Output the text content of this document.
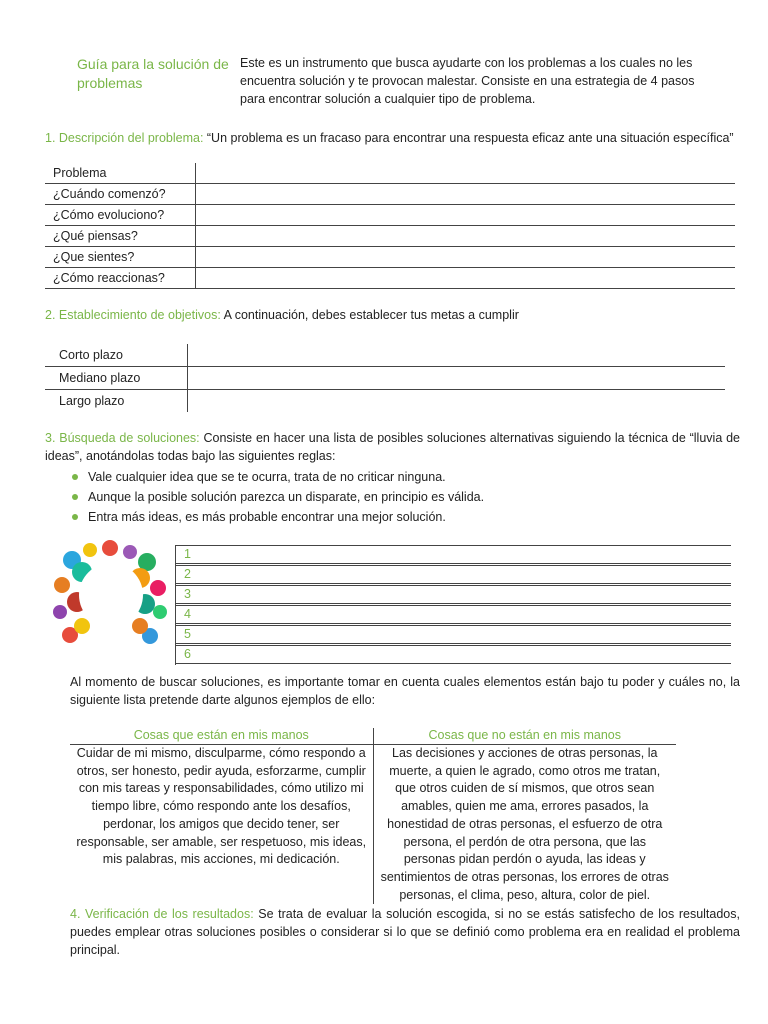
Guía para la solución de problemas
Este es un instrumento que busca ayudarte con los problemas a los cuales no les encuentra solución y te provocan malestar. Consiste en una estrategia de 4 pasos para encontrar solución a cualquier tipo de problema.
1. Descripción del problema: “Un problema es un fracaso para encontrar una respuesta eficaz ante una situación específica”
Problema	
¿Cuándo comenzó?	
¿Cómo evoluciono?	
¿Qué piensas?	
¿Que sientes?	
¿Cómo reaccionas?	
2. Establecimiento de objetivos: A continuación, debes establecer tus metas a cumplir
Corto plazo	
Mediano plazo	
Largo plazo	
3. Búsqueda de soluciones: Consiste en hacer una lista de posibles soluciones alternativas siguiendo la técnica de “lluvia de ideas”, anotándolas todas bajo las siguientes reglas:
Vale cualquier idea que se te ocurra, trata de no criticar ninguna.
Aunque la posible solución parezca un disparate, en principio es válida.
Entra más ideas, es más probable encontrar una mejor solución.
1
2
3
4
5
6
Al momento de buscar soluciones, es importante tomar en cuenta cuales elementos están bajo tu poder y cuáles no, la siguiente lista pretende darte algunos ejemplos de ello:
Cosas que están en mis manos	Cosas que no están en mis manos
Cuidar de mi mismo, disculparme, cómo respondo a otros, ser honesto, pedir ayuda, esforzarme, cumplir con mis tareas y responsabilidades, cómo utilizo mi tiempo libre, cómo respondo ante los desafíos, perdonar, los amigos que decido tener, ser responsable, ser amable, ser respetuoso, mis ideas, mis palabras, mis acciones, mi dedicación.
Las decisiones y acciones de otras personas, la muerte, a quien le agrado, como otros me tratan, que otros cuiden de sí mismos, que otros sean amables, quien me ama, errores pasados, la honestidad de otras personas, el esfuerzo de otra persona, el perdón de otra persona, que las personas pidan perdón o ayuda, las ideas y sentimientos de otras personas, los errores de otras personas, el clima, peso, altura, color de piel.
4. Verificación de los resultados: Se trata de evaluar la solución escogida, si no se estás satisfecho de los resultados, puedes emplear otras soluciones posibles o considerar si lo que se definió como problema era en realidad el problema principal.
